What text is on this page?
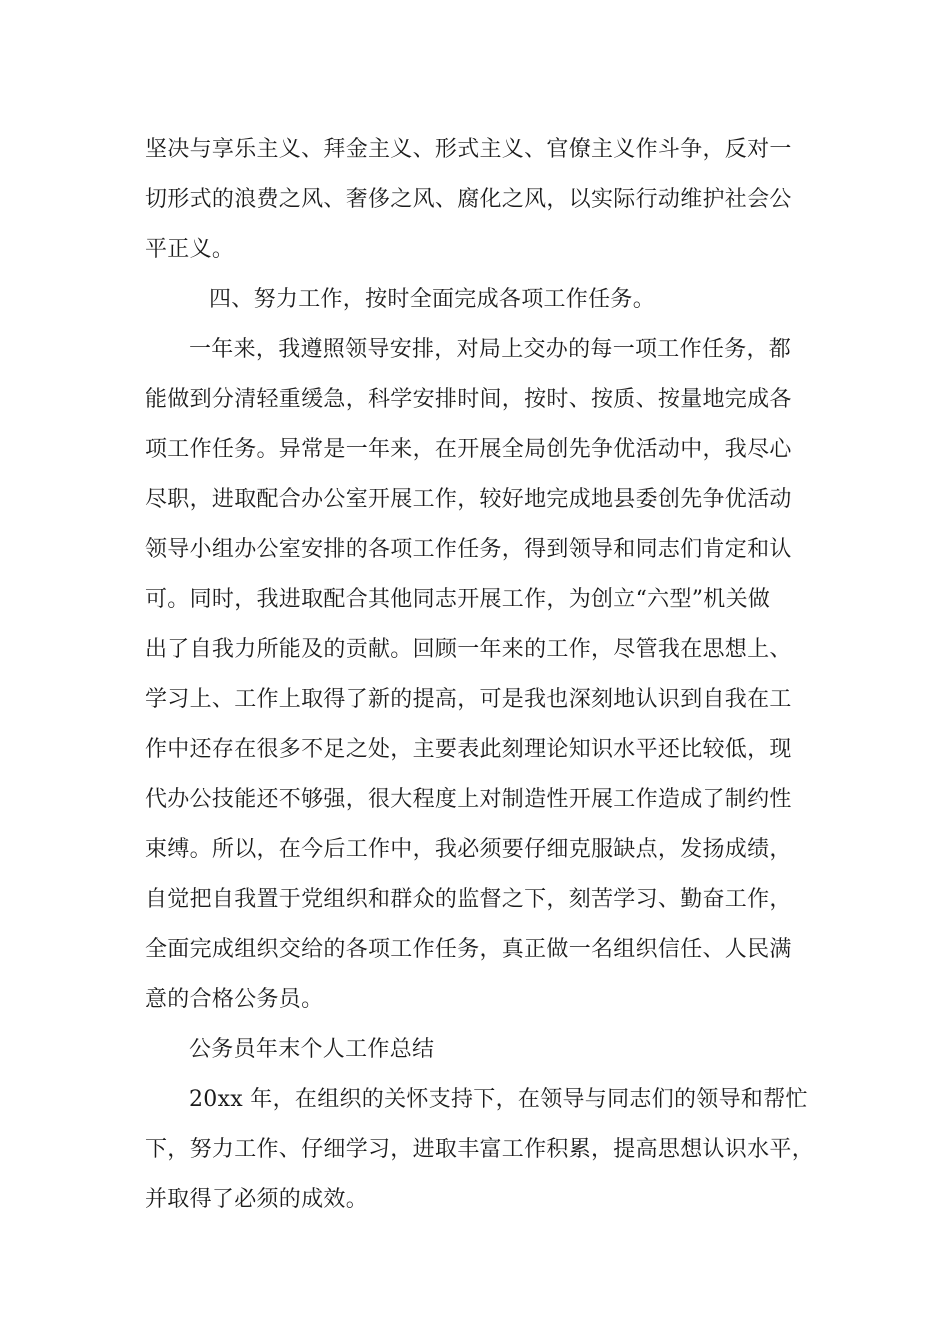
坚决与享乐主义、拜金主义、形式主义、官僚主义作斗争，反对一
切形式的浪费之风、奢侈之风、腐化之风，以实际行动维护社会公
平正义。
四、努力工作，按时全面完成各项工作任务。
一年来，我遵照领导安排，对局上交办的每一项工作任务，都
能做到分清轻重缓急，科学安排时间，按时、按质、按量地完成各
项工作任务。异常是一年来，在开展全局创先争优活动中，我尽心
尽职，进取配合办公室开展工作，较好地完成地县委创先争优活动
领导小组办公室安排的各项工作任务，得到领导和同志们肯定和认
可。同时，我进取配合其他同志开展工作，为创立“六型”机关做
出了自我力所能及的贡献。回顾一年来的工作，尽管我在思想上、
学习上、工作上取得了新的提高，可是我也深刻地认识到自我在工
作中还存在很多不足之处，主要表此刻理论知识水平还比较低，现
代办公技能还不够强，很大程度上对制造性开展工作造成了制约性
束缚。所以，在今后工作中，我必须要仔细克服缺点，发扬成绩，
自觉把自我置于党组织和群众的监督之下，刻苦学习、勤奋工作，
全面完成组织交给的各项工作任务，真正做一名组织信任、人民满
意的合格公务员。
公务员年末个人工作总结
20xx 年，在组织的关怀支持下，在领导与同志们的领导和帮忙
下，努力工作、仔细学习，进取丰富工作积累，提高思想认识水平，
并取得了必须的成效。
